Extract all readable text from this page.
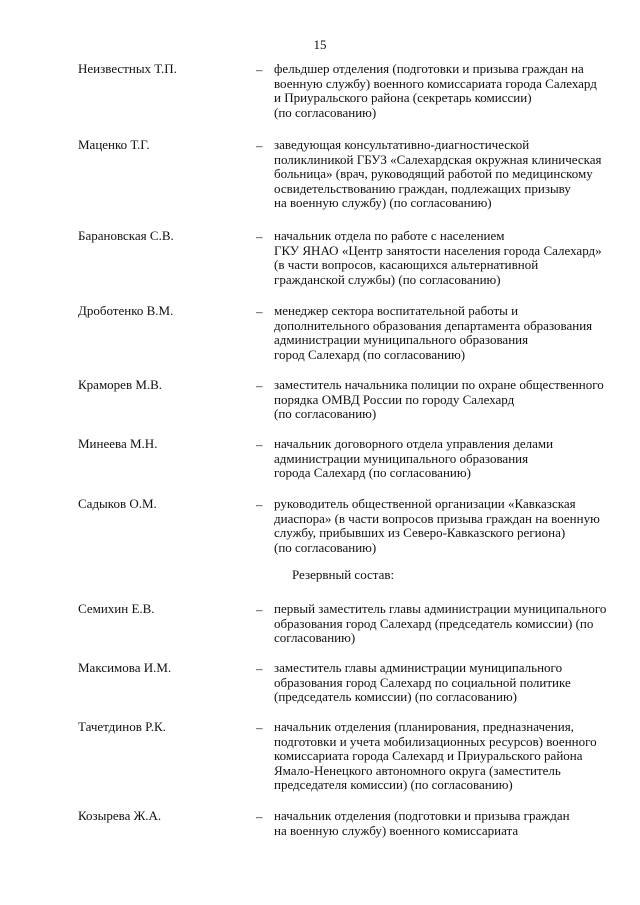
15
Неизвестных Т.П.	– фельдшер отделения (подготовки и призыва граждан на
военную службу) военного комиссариата города Салехард
и Приуральского района (секретарь комиссии)
(по согласованию)
Маценко Т.Г.	– заведующая консультативно-диагностической
поликлиникой ГБУЗ «Салехардская окружная клиническая
больница» (врач, руководящий работой по медицинскому
освидетельствованию граждан, подлежащих призыву
на военную службу) (по согласованию)
Барановская С.В.	– начальник отдела по работе с населением
ГКУ ЯНАО «Центр занятости населения города Салехард»
(в части вопросов, касающихся альтернативной
гражданской службы) (по согласованию)
Дроботенко В.М.	– менеджер сектора воспитательной работы и
дополнительного образования департамента образования
администрации муниципального образования
город Салехард (по согласованию)
Краморев М.В.	– заместитель начальника полиции по охране общественного
порядка ОМВД России по городу Салехард
(по согласованию)
Минеева М.Н.	– начальник договорного отдела управления делами
администрации муниципального образования
города Салехард (по согласованию)
Садыков О.М.	– руководитель общественной организации «Кавказская
диаспора» (в части вопросов призыва граждан на военную
службу, прибывших из Северо-Кавказского региона)
(по согласованию)
Резервный состав:
Семихин Е.В.	– первый заместитель главы администрации муниципального
образования город Салехард (председатель комиссии) (по
согласованию)
Максимова И.М.	– заместитель главы администрации муниципального
образования город Салехард по социальной политике
(председатель комиссии) (по согласованию)
Тачетдинов Р.К.	– начальник отделения (планирования, предназначения,
подготовки и учета мобилизационных ресурсов) военного
комиссариата города Салехард и Приуральского района
Ямало-Ненецкого автономного округа (заместитель
председателя комиссии) (по согласованию)
Козырева Ж.А.	– начальник отделения (подготовки и призыва граждан
на военную службу) военного комиссариата
